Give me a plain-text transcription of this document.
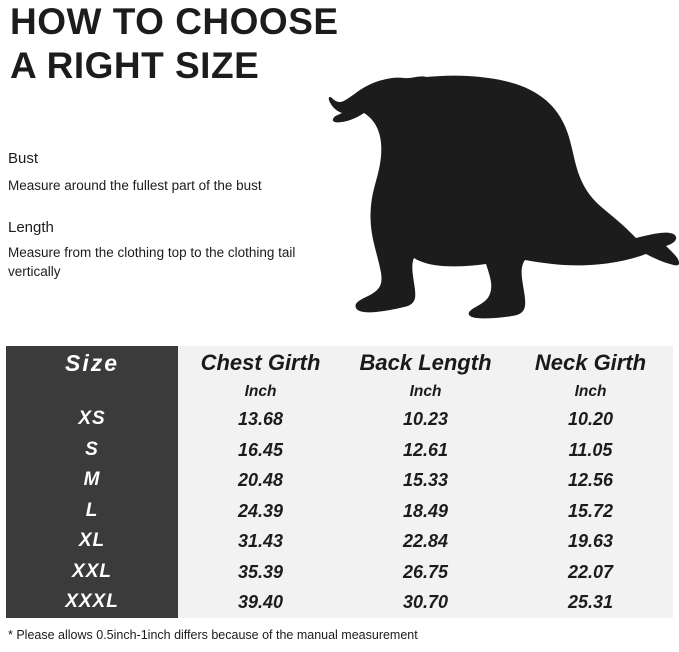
HOW TO CHOOSE
A RIGHT SIZE
Bust
Measure around the fullest part of the bust
Length
Measure from the clothing top to the clothing tail vertically
Size

XS
S
M
L
XL
XXL
XXXL
Chest Girth
Inch
13.68
16.45
20.48
24.39
31.43
35.39
39.40
Back Length
Inch
10.23
12.61
15.33
18.49
22.84
26.75
30.70
Neck Girth
Inch
10.20
11.05
12.56
15.72
19.63
22.07
25.31
* Please allows 0.5inch-1inch differs because of the manual measurement
